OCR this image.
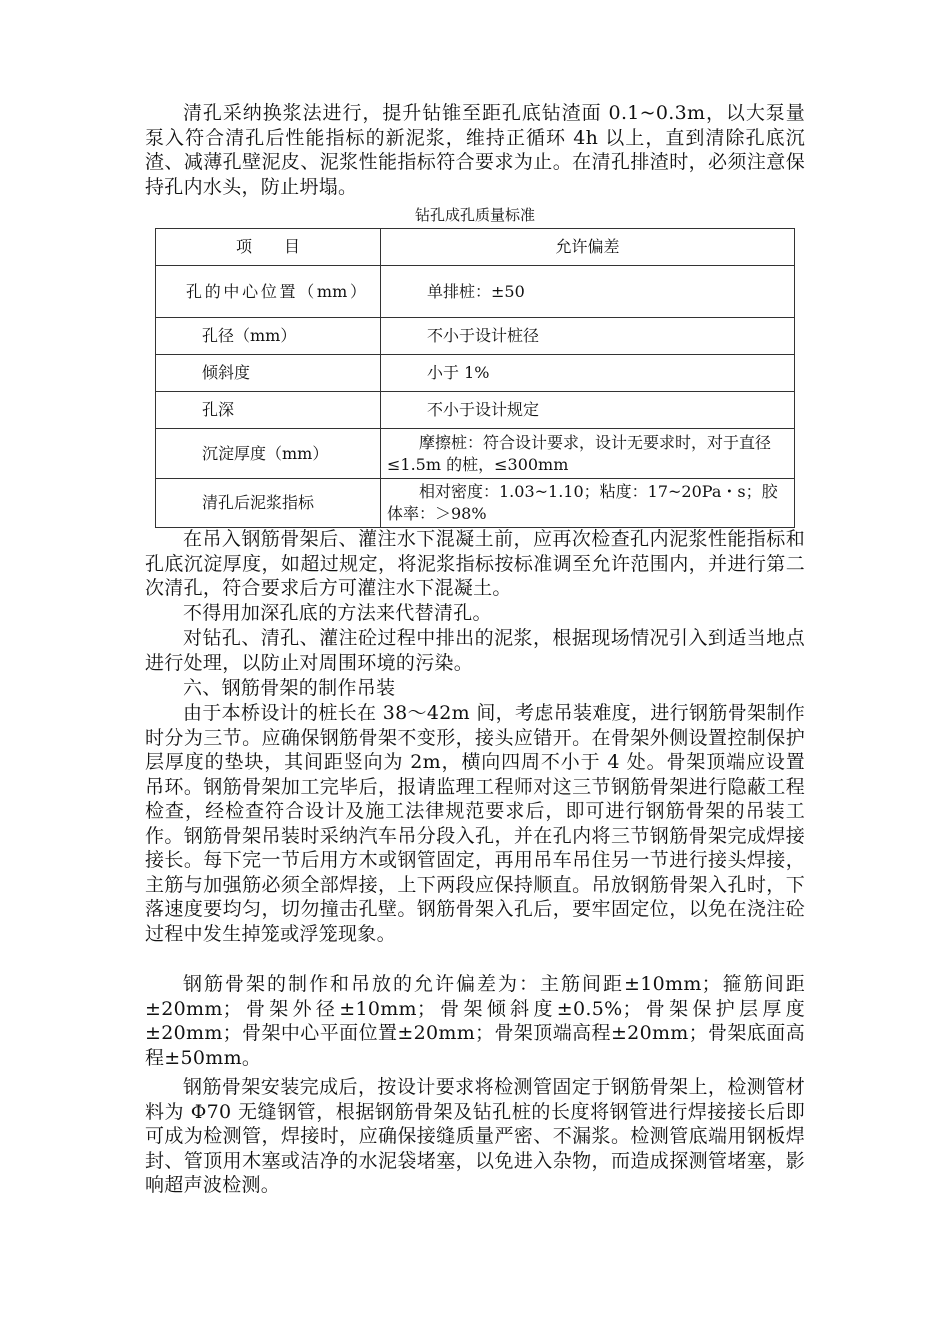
清孔采纳换浆法进行，提升钻锥至距孔底钻渣面 0.1~0.3m，以大泵量泵入符合清孔后性能指标的新泥浆，维持正循环 4h 以上，直到清除孔底沉渣、减薄孔壁泥皮、泥浆性能指标符合要求为止。在清孔排渣时，必须注意保持孔内水头，防止坍塌。

钻孔成孔质量标准
项　　目	允许偏差

孔的中心位置（mm）	单排桩：±50
孔径（mm）	不小于设计桩径
倾斜度	小于 1%
孔深	不小于设计规定
沉淀厚度（mm）	摩擦桩：符合设计要求，设计无要求时，对于直径≤1.5m 的桩，≤300mm
清孔后泥浆指标	相对密度：1.03~1.10；粘度：17~20Pa・s；胶体率：＞98%

在吊入钢筋骨架后、灌注水下混凝土前，应再次检查孔内泥浆性能指标和孔底沉淀厚度，如超过规定，将泥浆指标按标准调至允许范围内，并进行第二次清孔，符合要求后方可灌注水下混凝土。

不得用加深孔底的方法来代替清孔。

对钻孔、清孔、灌注砼过程中排出的泥浆，根据现场情况引入到适当地点进行处理，以防止对周围环境的污染。

六、钢筋骨架的制作吊装

由于本桥设计的桩长在 38～42m 间，考虑吊装难度，进行钢筋骨架制作时分为三节。应确保钢筋骨架不变形，接头应错开。在骨架外侧设置控制保护层厚度的垫块，其间距竖向为 2m，横向四周不小于 4 处。骨架顶端应设置吊环。钢筋骨架加工完毕后，报请监理工程师对这三节钢筋骨架进行隐蔽工程检查，经检查符合设计及施工法律规范要求后，即可进行钢筋骨架的吊装工作。钢筋骨架吊装时采纳汽车吊分段入孔，并在孔内将三节钢筋骨架完成焊接接长。每下完一节后用方木或钢管固定，再用吊车吊住另一节进行接头焊接，主筋与加强筋必须全部焊接，上下两段应保持顺直。吊放钢筋骨架入孔时，下落速度要均匀，切勿撞击孔壁。钢筋骨架入孔后，要牢固定位，以免在浇注砼过程中发生掉笼或浮笼现象。

钢筋骨架的制作和吊放的允许偏差为：主筋间距±10mm；箍筋间距±20mm；骨架外径±10mm；骨架倾斜度±0.5%；骨架保护层厚度±20mm；骨架中心平面位置±20mm；骨架顶端高程±20mm；骨架底面高程±50mm。

钢筋骨架安装完成后，按设计要求将检测管固定于钢筋骨架上，检测管材料为 Φ70 无缝钢管，根据钢筋骨架及钻孔桩的长度将钢管进行焊接接长后即可成为检测管，焊接时，应确保接缝质量严密、不漏浆。检测管底端用钢板焊封、管顶用木塞或洁净的水泥袋堵塞，以免进入杂物，而造成探测管堵塞，影响超声波检测。
